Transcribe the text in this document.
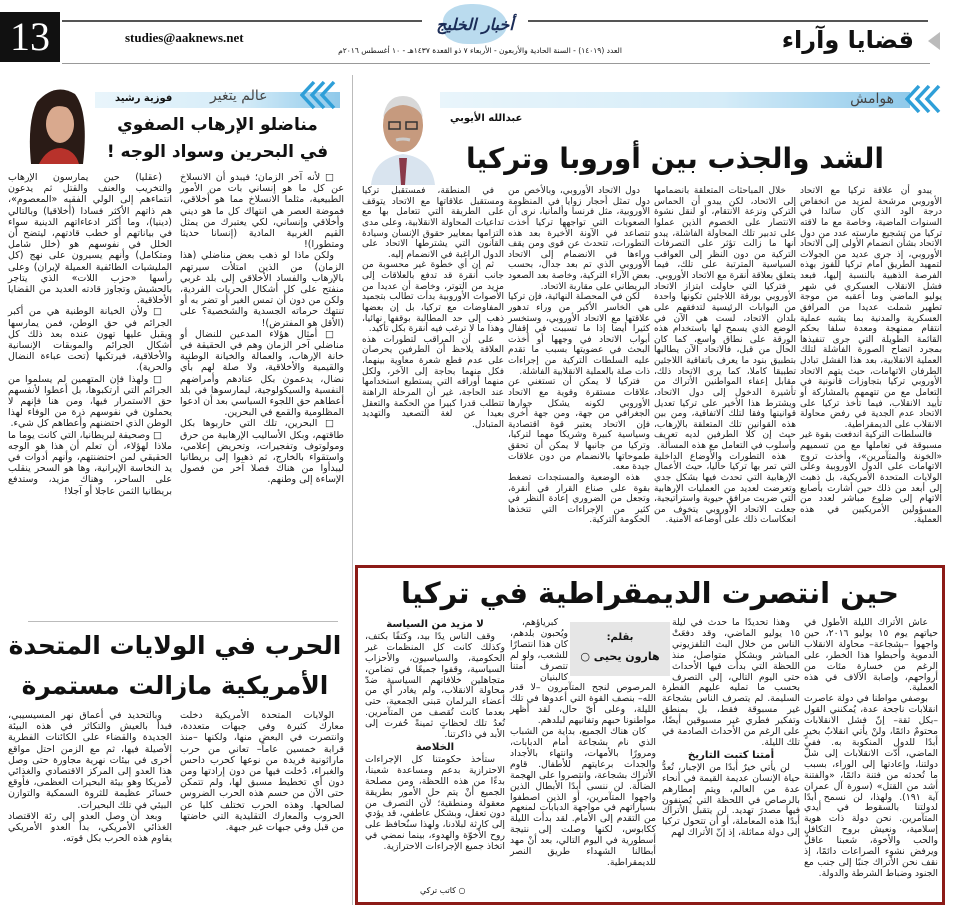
13	studies@aaknews.net
أخبار الخليج
العدد (١٤٠١٩) - السنة الحادية والأربعون - الأربعاء ٧ ذو القعدة ١٤٣٧هـ - ١٠ أغسطس ٢٠١٦م	قضايا وآراء
هوامش
عبدالله الأيوبي
الشد والجذب بين أوروبا وتركيا

يبدو أن علاقة تركيا مع الاتحاد الأوروبي مرشحة لمزيد من انخفاض درجة الود الذي كان سائدا في السنوات الماضية، وخاصة مع ما لاقته تركيا من تشجيع مارسته عدد من دول الاتحاد بشأن انضمام الأولى إلى الاتحاد الأوروبي، إذ جرى عديد من الجولات لتمهيد الطريق أمام تركيا للفوز بهذه الفرصة الذهبية بالنسبة إليها، فبعد فشل الانقلاب العسكري في شهر يوليو الماضي وما أعقبه من موجة تطهير شملت عديدا من المرافق العسكرية والمدنية بما يشبه عملية انتقام ممنهجة ومعدة سلفا بحكم القائمة الطويلة التي جرى تنفيذها بمجرد اتضاح الصورة الفاشلة لتلك العملية الانقلابية، بعد هذا الفشل تبادل الطرفان الاتهامات، حيث يتهم الاتحاد الأوروبي تركيا بتجاوزات قانونية في التعامل مع من تتهمهم بالمشاركة أو تأييد الانقلاب، فيما تأخذ تركيا على الاتحاد عدم الجدية في رفض محاولة الانقلاب على الديمقراطية.

فالسلطات التركية اندفعت بقوة غير مسبوقة في تعاملها مع من تسميهم «الخونة والمتآمرين»، وأخذت تروج الاتهامات على الدول الأوروبية وعلى الولايات المتحدة الأمريكية، بل ذهبت إلى أبعد من ذلك حين أشارت بأصابع الاتهام إلى ضلوع مباشر لعدد من المسؤولين الأمريكيين في هذه العملية.

خلال المباحثات المتعلقة بانضمامها إلى الاتحاد، لكن يبدو أن الحماس التركي ونزعة الانتقام، أو لنقل نشوة الانتصار على الخصوم الذين عملوا على تدبير تلك المحاولة الفاشلة، يبدو أنها ما زالت تؤثر على التصرفات التركية من دون النظر إلى العواقب السياسية المترتبة على تلك، فيما يتعلق بعلاقة أنقرة مع الاتحاد الأوروبي.

فتركيا التي حاولت ابتزاز الاتحاد الأوروبي بورقة اللاجئين تكونها واحدة من البوابات الرئيسية لتدفقهم على بلدان الاتحاد، لست هي الآن في الوضع الذي يسمح لها باستخدام هذه الورقة على نطاق واسع، كما كان الحال من قبل، فالاتحاد الآن يطالبها بتطبيق بنود ما يعرف باتفاقية اللاجئين تطبيقا كاملا، كما يرى الاتحاد ذلك، مقابل إعفاء المواطنين الأتراك من تأشيرة الدخول إلى دول الاتحاد، ويشترط هذا الأخير على تركيا تعديل قوانينها وفقا لتلك الاتفاقية، ومن بين هذه القوانين تلك المتعلقة بالإرهاب، حيث إن كلا الطرفين لديه تعريف وأسلوب في التعامل مع هذه المسألة.

هذه التطورات والأوضاع الداخلية التي تمر بها تركيا حاليا، حيث الأعمال الإرهابية التي تحدث فيها بشكل جدي وتعرضت لعديد من العمليات الإرهابية التي ضربت مرافق حيوية واستراتيجية، جعلت الاتحاد الأوروبي يتخوف من انعكاسات ذلك على أوضاعه الأمنية.

دول الاتحاد الأوروبي، وبالأخص من دول تمثل أحجار زوايا في المنظومة الأوروبية، مثل فرنسا وألمانيا، نرى أن الصعوبات التي تواجهها تركيا أخذت تتصاعد في الآونة الأخيرة بعد هذه التطورات، تتحدث عن قوى ومن يقف وراءها في الانضمام إلى الاتحاد الأوروبي الذي تم بعد جدال، بحسب بعض الآراء التركية، وخاصة بعد الصعود البريطاني على مقاربة الاتحاد.

لكن في المحصلة النهائية، فإن تركيا هي الخاسر الأكبر من وراء تدهور علاقتها مع الاتحاد الأوروبي، وستخسر كثيرا أيضا إذا ما تسببت في إقفال أبواب الاتحاد في وجهها أو أخذت البحث في عضويتها بسبب ما تقدم عليه السلطات التركية من إجراءات ذات صلة بالعملية الانقلابية الفاشلة.

فتركيا لا يمكن أن تستغني عن علاقات مستقرة وقوية مع الاتحاد الأوروبي لكونه يشكل جوارها الجغرافي من جهة، ومن جهة أخرى فإن الاتحاد يعتبر قوة اقتصادية وسياسية كبيرة وشريكا مهما لتركيا، وتركيا من جانبها لا يمكن أن تحقق طموحاتها بالانضمام من دون علاقات جيدة معه.

هذه الوضعية والمستجدات تضغط بقوة على صناع القرار في أنقرة، وتجعل من الضروري إعادة النظر في كثير من الإجراءات التي تتخذها الحكومة التركية.

في المنطقة، فمستقبل تركيا ومستقبل علاقاتها مع الاتحاد يتوقف على الطريقة التي تتعامل بها مع تداعيات المحاولة الانقلابية، وعلى مدى التزامها بمعايير حقوق الإنسان وسيادة القانون التي يشترطها الاتحاد على الدول الراغبة في الانضمام إليه.

ثم إن أي خطوة غير محسوبة من جانب أنقرة قد تدفع بالعلاقات إلى مزيد من التوتر، وخاصة أن عديدا من الأصوات الأوروبية بدأت تطالب بتجميد المفاوضات مع تركيا، بل إن بعضها ذهب إلى حد المطالبة بوقفها نهائيا، وهذا ما لا ترغب فيه أنقرة بكل تأكيد.

على أن المراقب لتطورات هذه العلاقة يلاحظ أن الطرفين يحرصان على عدم قطع شعرة معاوية بينهما، فكل منهما بحاجة إلى الآخر، ولكل منهما أوراقه التي يستطيع استخدامها عند الحاجة، غير أن المرحلة الراهنة تتطلب قدرا كبيرا من الحكمة والتعقل بعيدا عن لغة التصعيد والتهديد المتبادل.

عالم يتغير
فوزية رشيد
مناضلو الإرهاب الصفوي
في البحرين وسواد الوجه !

□ لأنه آخر الزمان؛ فيبدو أن الانسلاخ عن كل ما هو إنساني بات من الأمور الطبيعية، مثلما الانسلاخ مما هو أخلاقي، فموضة العصر هي انتهاك كل ما هو ديني وأخلاقي وإنساني، لكي يعتبرك من يمثل القيم الغربية المادية (إنسانا حديثا ومتطورا)!

ولكن ماذا لو ذهب بعض مناضلي (هذا الزمان) من الذين امتلأت سيرتهم بالإرهاب والفساد الأخلاقي إلى بلد غربي منفتح على كل أشكال الحريات الفردية، ولكن من دون أن تمس الغير أو تضر به أو تنتهك حرماته الجسدية والشخصية؟ على (الأقل هو المفترض)!

□ أمثال هؤلاء المدعين للنضال أو مناضلي آخر الزمان وهم في الحقيقة في خانة الإرهاب، والعمالة والخيانة الوطنية والقيمية والأخلاقية، ولا صلة لهم بأي نضال، يدعمون بكل عنادهم وأمراضهم النفسية والسيكولوجية، ليمارسوها في بلد أعطاهم حق اللجوء السياسي بعد أن ادعوا المظلومية والقمع في البحرين.

□ البحرين، تلك التي حاربوها بكل طاقتهم، وبكل الأساليب الإرهابية من حرق ومولوتوف وتفجيرات، وتحريض إعلامي، واستقواء بالخارج، ثم ذهبوا إلى بريطانيا ليبدأوا من هناك فصلا آخر من فصول الإساءة إلى وطنهم.

(عقليا) حين يمارسون الإرهاب والتخريب والعنف والقتل ثم يدعون انتماءهم إلى الولي الفقيه «المعصوم»، هم ذاتهم الأكثر فسادا (أخلاقيا) وبالتالي (دينيا)، وما أكثر ادعاءاتهم الدينية سواء في بياناتهم أو خطب قادتهم، ليتضح أن الخلل في نفوسهم هو (خلل شامل ومتكامل) وأنهم يسيرون على نهج (كل المليشيات الطائفية العميلة لإيران) وعلى رأسها «حزب اللات» الذي يتاجر بالحشيش وتجاوز قادته العديد من القضايا الأخلاقية.

□ ولأن الخيانة الوطنية هي من أكبر الجرائم في حق الوطن، فمن يمارسها ويقبل عليها تهون عنده بعد ذلك كل أشكال الجرائم والموبقات الإنسانية والأخلاقية، فيرتكبها (تحت عباءة النضال والحرية).

□ ولهذا فإن المتهمين لم يسلموا من الجرائم التي ارتكبوها، بل أعطوا لأنفسهم حق الاستمرار فيها، ومن هنا فإنهم لا يحملون في نفوسهم ذرة من الوفاء لهذا الوطن الذي احتضنهم وأعطاهم كل شيء.

□ وصحيفة لبريطانيا، التي كانت يوما ما ملاذا لهؤلاء، أن تعلم أن هذا هو الوجه الحقيقي لمن احتضنتهم، وأنهم أدوات في يد النخاسة الإيرانية، وها هو السحر ينقلب على الساحر، وهناك مزيد، وستدفع بريطانيا الثمن عاجلا أو آجلا!

الحرب في الولايات المتحدة
الأمريكية مازالت مستمرة

الولايات المتحدة الأمريكية دخلت معارك كثيرة وفي جبهات متعددة، وانتصرت في البعض منها، ولكنها –منذ قرابة خمسين عاماً– تعاني من حرب ماراثونية فريدة من نوعها كحرب داحس والغبراء، دُخلت فيها من دون إرادتها ومن دون أي تخطيط مسبق لها، ولم تتمكن حتى الآن من حسم هذه الحرب الضروس لصالحها. وهذه الحرب تختلف كليا عن الحروب والمعارك التقليدية التي خاضتها من قبل وفي جبهات غير جبهة.

وبالتحديد في أعماق نهر المسيسيبي، فبدأ بالعيش والتكاثر في هذه البيئة الجديدة والقضاء على الكائنات الفطرية الأصيلة فيها، ثم مع الزمن احتل مواقع أخرى في بيئات نهرية مجاورة حتى وصل هذا العدو إلى المركز الاقتصادي والغذائي لأمريكا وهو بيئة البحيرات العظمى، فأوقع خسائر عظيمة للثروة السمكية والتوازن البيئي في تلك البحيرات.

وبعد أن وصل العدو إلى رئة الاقتصاد الغذائي الأمريكي، بدأ العدو الأمريكي يقاوم هذه الحرب بكل قوته.

حين انتصرت الديمقراطية في تركيا
بقلم:
هارون يحيى ○

عاش الأتراك الليلة الأطول في حياتهم يوم ١٥ يوليو ٢٠١٦، حين واجهوا –بشجاعة– محاولة الانقلاب الدموية وأحبطوا هذا الخطر، على الرغم من خسارة مئات من أرواحهم، وإصابة الآلاف في هذه العملية.

بوصفي مواطنا في دولة عاصرت انقلابات ناجحة عدة، يُمكنني القول –بكل ثقة– إنّ فشل الانقلابات محتومٌ دائمًا، ولنْ يأتي انقلابٌ بخيرٍ أبدًا للدول المنكوبة به. ففي الماضي، أدّت الانقلابات إلى شلّ دولتنا، وإعادتها إلى الوراء، بسبب ما تُحدثه من فتنة دائمًا، «والفتنة أشد من القتل» (سورة آل عمران آية ١٩١). ولهذا، لن نسمح أبدًا لدولتنا بالسقوط في أيدي المتآمرين. نحن دولة ذات هوية إسلامية، ونعيش بروح التكافل والحب والأخوة، شعبنا عاقلٌ ويرفض نشوء الصراعات دائمًا، إذ نقف نحن الأتراك جنبًا إلى جنب مع الجنود وضباط الشرطة والدولة.

وهذا تحديدًا ما حدث في ليلة ١٥ يوليو الماضي، وقد دفعَتْ الناس من خلال البث التلفزيوني المباشر وبشكل متواصل، منذ اللحظة التي بدأت فيها الأحداث حتى اليوم التالي، إلى التصرف بحسب ما تمليه عليهم الفطرة السليمة. لم يتصرف الناس بشجاعة غير مسبوقة فقط، بل بمنطق وتفكير فطري غير مسبوقين أيضًا، على الرغم من الأحداث الصادمة في تلك الليلة.

أمتنا كتبت التاريخ

لن يأتي خيرٌ أبدًا من الإجبار، تُعدُّ حياة الإنسان عديمة القيمة في أنحاء عدة من العالم، ويتم إمطارهم بالرصاص في اللحظة التي يُصنفون فيها مصدرَ تهديد. لن يتقبل الأتراك أبدًا هذه المعاملة، أو أن تتحول تركيا إلى دولة مماثلة، إذ إنّ الأتراك لهم

كبرياؤهم، ويُحبون بلدهم، كان هذا انتصارًا للشعب، ولو لم تتصرف أمتنا كالبنيان المرصوص لنجح المتآمرون –لا قدر الله– بنصف القوة التي أعدوها في تلك الليلة، وعلى أيّ حال، لقد أظهر مواطنونا حبهم وتفانيهم لبلدهم.

كان هناك الجميع، بداية من الشباب الذي نام بشجاعة أمام الدبابات، ومرورًا بالأمهات، وانتهاء بالأجداد والجدات برعايتهم للأطفال. قاوم الأتراك بشجاعة، وانتصروا على الهجمة الضالّة. لن ننسى أبدًا الأبطال الذين واجهوا المتآمرين، أو الذين اصطفوا بسياراتهم في مواجهة الدبابات لمنعهم من التقدم إلى الأمام. لقد بدأت الليلة ككابوس، لكنها وصلت إلى نتيجة أسطورية في اليوم التالي، بعد أنْ مهد أبطالنا الشهداء طريق النصر للديمقراطية.

لا مزيد من السياسة

وقف الناس يدًا بيد، وكتفًا بكتف، وكذلك كانت كل المنظمات غير الحكومية، والسياسيون، والأحزاب السياسية، وقفوا جميعًا في تضامن، متجاهلين خلافاتهم السياسية ضدّ محاولة الانقلاب، ولم يغادر أي من أعضاء البرلمان مَبنى الجمعية، حتى بعدما كانت تُقصف من المتآمرين. تُعدُ تلك لحظاتٍ ثمينةً حُفرت إلى الأبد في ذاكرتنا.

الخلاصة

ستأخذ حكومتنا كل الإجراءات الاحترازية بدعم ومساعدة شعبنا، بدءًا من هذه اللحظة، ومن مصلحة الجميع أنْ يتم حل الأمور بطريقة معقولة ومنطقية؛ لأن التصرف من دون تعقل، وبشكل عاطفي، قد يؤدي إلى كارثة لبلادنا، ولهذا سنُحافظ على روح الأخوّة والهدوء، بينما نمضي في اتخاذ جميع الإجراءات الاحترازية.

○ كاتب تركي
